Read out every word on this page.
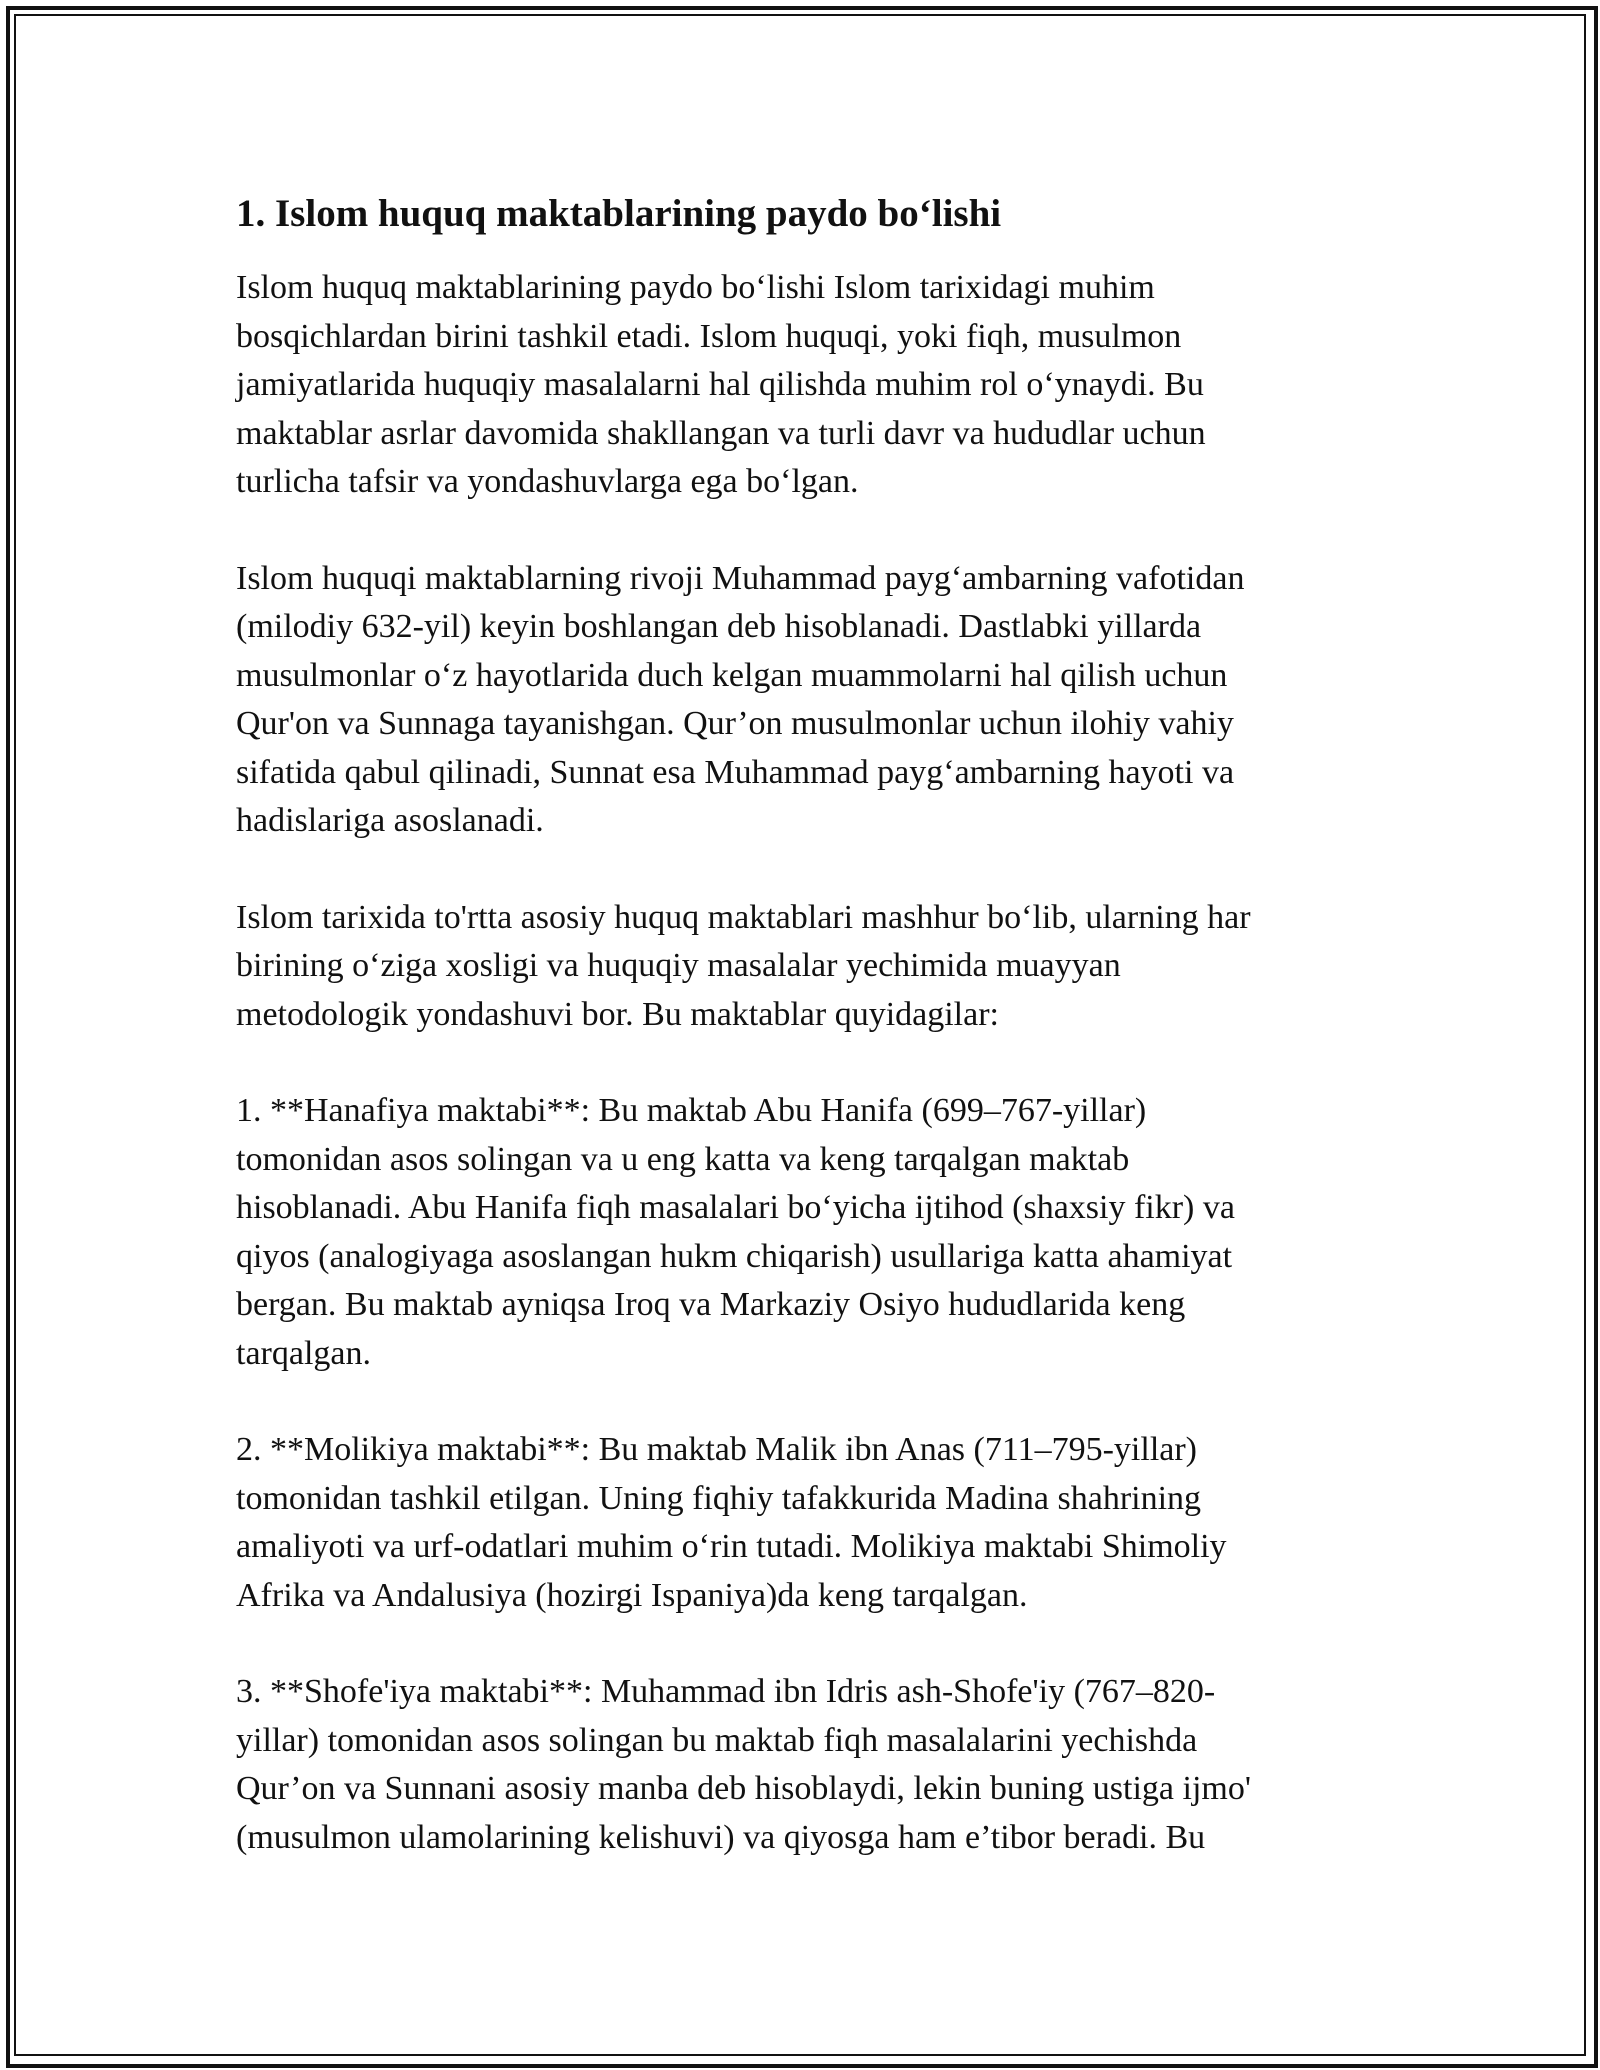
1. Islom huquq maktablarining paydo bo‘lishi

Islom huquq maktablarining paydo bo‘lishi Islom tarixidagi muhim
bosqichlardan birini tashkil etadi. Islom huquqi, yoki fiqh, musulmon
jamiyatlarida huquqiy masalalarni hal qilishda muhim rol o‘ynaydi. Bu
maktablar asrlar davomida shakllangan va turli davr va hududlar uchun
turlicha tafsir va yondashuvlarga ega bo‘lgan.

Islom huquqi maktablarning rivoji Muhammad payg‘ambarning vafotidan
(milodiy 632-yil) keyin boshlangan deb hisoblanadi. Dastlabki yillarda
musulmonlar o‘z hayotlarida duch kelgan muammolarni hal qilish uchun
Qur'on va Sunnaga tayanishgan. Qur’on musulmonlar uchun ilohiy vahiy
sifatida qabul qilinadi, Sunnat esa Muhammad payg‘ambarning hayoti va
hadislariga asoslanadi.

Islom tarixida to'rtta asosiy huquq maktablari mashhur bo‘lib, ularning har
birining o‘ziga xosligi va huquqiy masalalar yechimida muayyan
metodologik yondashuvi bor. Bu maktablar quyidagilar:

1. **Hanafiya maktabi**: Bu maktab Abu Hanifa (699–767-yillar)
tomonidan asos solingan va u eng katta va keng tarqalgan maktab
hisoblanadi. Abu Hanifa fiqh masalalari bo‘yicha ijtihod (shaxsiy fikr) va
qiyos (analogiyaga asoslangan hukm chiqarish) usullariga katta ahamiyat
bergan. Bu maktab ayniqsa Iroq va Markaziy Osiyo hududlarida keng
tarqalgan.

2. **Molikiya maktabi**: Bu maktab Malik ibn Anas (711–795-yillar)
tomonidan tashkil etilgan. Uning fiqhiy tafakkurida Madina shahrining
amaliyoti va urf-odatlari muhim o‘rin tutadi. Molikiya maktabi Shimoliy
Afrika va Andalusiya (hozirgi Ispaniya)da keng tarqalgan.

3. **Shofe'iya maktabi**: Muhammad ibn Idris ash-Shofe'iy (767–820-
yillar) tomonidan asos solingan bu maktab fiqh masalalarini yechishda
Qur’on va Sunnani asosiy manba deb hisoblaydi, lekin buning ustiga ijmo'
(musulmon ulamolarining kelishuvi) va qiyosga ham e’tibor beradi. Bu
